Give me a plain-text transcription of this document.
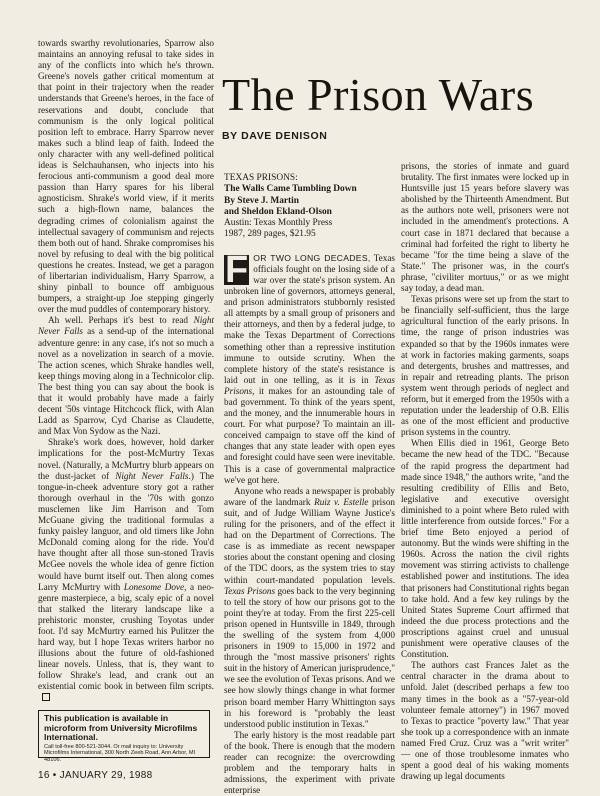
towards swarthy revolutionaries, Sparrow also maintains an annoying refusal to take sides in any of the conflicts into which he's thrown. Greene's novels gather critical momentum at that point in their trajectory when the reader understands that Greene's heroes, in the face of reservations and doubt, conclude that communism is the only logical political position left to embrace. Harry Sparrow never makes such a blind leap of faith. Indeed the only character with any well-defined political ideas is Selchauhansen, who injects into his ferocious anti-communism a good deal more passion than Harry spares for his liberal agnosticism. Shrake's world view, if it merits such a high-flown name, balances the degrading crimes of colonialism against the intellectual savagery of communism and rejects them both out of hand. Shrake compromises his novel by refusing to deal with the big political questions he creates. Instead, we get a paragon of libertarian individualism, Harry Sparrow, a shiny pinball to bounce off ambiguous bumpers, a straight-up Joe stepping gingerly over the mud puddles of contemporary history.

Ah well. Perhaps it's best to read Night Never Falls as a send-up of the international adventure genre: in any case, it's not so much a novel as a novelization in search of a movie. The action scenes, which Shrake handles well, keep things moving along in a Technicolor clip. The best thing you can say about the book is that it would probably have made a fairly decent '50s vintage Hitchcock flick, with Alan Ladd as Sparrow, Cyd Charise as Claudette, and Max Von Sydow as the Nazi.

Shrake's work does, however, hold darker implications for the post-McMurtry Texas novel. (Naturally, a McMurtry blurb appears on the dust-jacket of Night Never Falls.) The tongue-in-cheek adventure story got a rather thorough overhaul in the '70s with gonzo musclemen like Jim Harrison and Tom McGuane giving the traditional formulas a funky paisley languor, and old timers like John McDonald coming along for the ride. You'd have thought after all those sun-stoned Travis McGee novels the whole idea of genre fiction would have burnt itself out. Then along comes Larry McMurtry with Lonesome Dove, a neo-genre masterpiece, a big, scaly epic of a novel that stalked the literary landscape like a prehistoric monster, crushing Toyotas under foot. I'd say McMurtry earned his Pulitzer the hard way, but I hope Texas writers harbor no illusions about the future of old-fashioned linear novels. Unless, that is, they want to follow Shrake's lead, and crank out an existential comic book in between film scripts.

This publication is available in microform from University Microfilms International.
Call toll-free 800-521-3044. Or mail inquiry to: University Microfilms International, 300 North Zeeb Road, Ann Arbor, MI 48106.
The Prison Wars
BY DAVE DENISON
TEXAS PRISONS:
The Walls Came Tumbling Down
By Steve J. Martin
and Sheldon Ekland-Olson
Austin: Texas Monthly Press
1987, 289 pages, $21.95

F OR TWO LONG DECADES, Texas officials fought on the losing side of a war over the state's prison system. An unbroken line of governors, attorneys general, and prison administrators stubbornly resisted all attempts by a small group of prisoners and their attorneys, and then by a federal judge, to make the Texas Department of Corrections something other than a repressive institution immune to outside scrutiny. When the complete history of the state's resistance is laid out in one telling, as it is in Texas Prisons, it makes for an astounding tale of bad government. To think of the years spent, and the money, and the innumerable hours in court. For what purpose? To maintain an ill-conceived campaign to stave off the kind of changes that any state leader with open eyes and foresight could have seen were inevitable. This is a case of governmental malpractice we've got here.

Anyone who reads a newspaper is probably aware of the landmark Ruiz v. Estelle prison suit, and of Judge William Wayne Justice's ruling for the prisoners, and of the effect it had on the Department of Corrections. The case is as immediate as recent newspaper stories about the constant opening and closing of the TDC doors, as the system tries to stay within court-mandated population levels. Texas Prisons goes back to the very beginning to tell the story of how our prisons got to the point they're at today. From the first 225-cell prison opened in Huntsville in 1849, through the swelling of the system from 4,000 prisoners in 1909 to 15,000 in 1972 and through the "most massive prisoners' rights suit in the history of American jurisprudence," we see the evolution of Texas prisons. And we see how slowly things change in what former prison board member Harry Whittington says in his foreword is "probably the least understood public institution in Texas."

The early history is the most readable part of the book. There is enough that the modern reader can recognize: the overcrowding problem and the temporary halts in admissions, the experiment with private enterprise

prisons, the stories of inmate and guard brutality. The first inmates were locked up in Huntsville just 15 years before slavery was abolished by the Thirteenth Amendment. But as the authors note well, prisoners were not included in the amendment's protections. A court case in 1871 declared that because a criminal had forfeited the right to liberty he became "for the time being a slave of the State." The prisoner was, in the court's phrase, "civiliter mortuus," or as we might say today, a dead man.

Texas prisons were set up from the start to be financially self-sufficient, thus the large agricultural function of the early prisons. In time, the range of prison industries was expanded so that by the 1960s inmates were at work in factories making garments, soaps and detergents, brushes and mattresses, and in repair and retreading plants. The prison system went through periods of neglect and reform, but it emerged from the 1950s with a reputation under the leadership of O.B. Ellis as one of the most efficient and productive prison systems in the country.

When Ellis died in 1961, George Beto became the new head of the TDC. "Because of the rapid progress the department had made since 1948," the authors write, "and the resulting credibility of Ellis and Beto, legislative and executive oversight diminished to a point where Beto ruled with little interference from outside forces." For a brief time Beto enjoyed a period of autonomy. But the winds were shifting in the 1960s. Across the nation the civil rights movement was stirring activists to challenge established power and institutions. The idea that prisoners had Constitutional rights began to take hold. And a few key rulings by the United States Supreme Court affirmed that indeed the due process protections and the proscriptions against cruel and unusual punishment were operative clauses of the Constitution.

The authors cast Frances Jalet as the central character in the drama about to unfold. Jalet (described perhaps a few too many times in the book as a "57-year-old volunteer female attorney") in 1967 moved to Texas to practice "poverty law." That year she took up a correspondence with an inmate named Fred Cruz. Cruz was a "writ writer" — one of those troublesome inmates who spent a good deal of his waking moments drawing up legal documents

16 • JANUARY 29, 1988
